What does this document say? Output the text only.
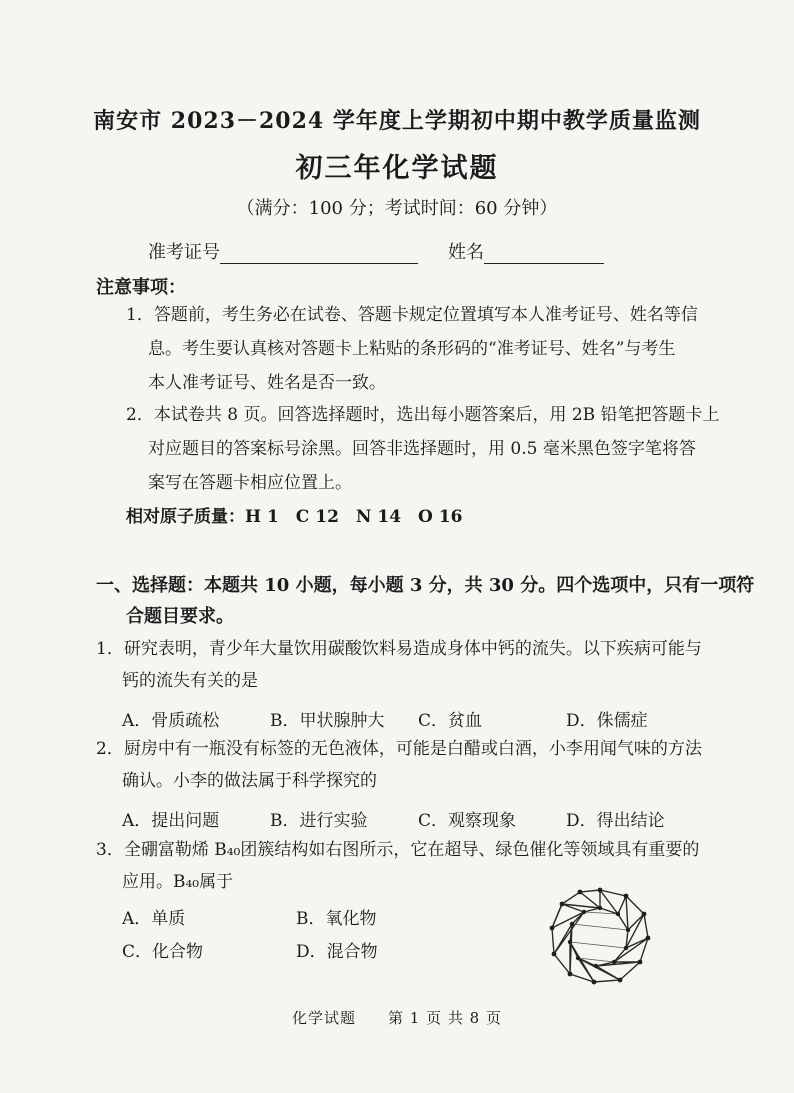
南安市 2023－2024 学年度上学期初中期中教学质量监测
初三年化学试题
（满分：100 分；考试时间：60 分钟）
准考证号	姓名
注意事项：
1．答题前，考生务必在试卷、答题卡规定位置填写本人准考证号、姓名等信
息。考生要认真核对答题卡上粘贴的条形码的“准考证号、姓名”与考生
本人准考证号、姓名是否一致。
2．本试卷共 8 页。回答选择题时，选出每小题答案后，用 2B 铅笔把答题卡上
对应题目的答案标号涂黑。回答非选择题时，用 0.5 毫米黑色签字笔将答
案写在答题卡相应位置上。
相对原子质量：H 1　C 12　N 14　O 16
一、选择题：本题共 10 小题，每小题 3 分，共 30 分。四个选项中，只有一项符
合题目要求。
1．研究表明，青少年大量饮用碳酸饮料易造成身体中钙的流失。以下疾病可能与
钙的流失有关的是
A．骨质疏松	B．甲状腺肿大 C．贫血	D．侏儒症
2．厨房中有一瓶没有标签的无色液体，可能是白醋或白酒，小李用闻气味的方法
确认。小李的做法属于科学探究的
A．提出问题	B．进行实验	C．观察现象	D．得出结论
3．全硼富勒烯 B₄₀团簇结构如右图所示，它在超导、绿色催化等领域具有重要的
应用。B₄₀属于
A．单质	B．氧化物
C．化合物	D．混合物
化学试题　　第 1 页 共 8 页
